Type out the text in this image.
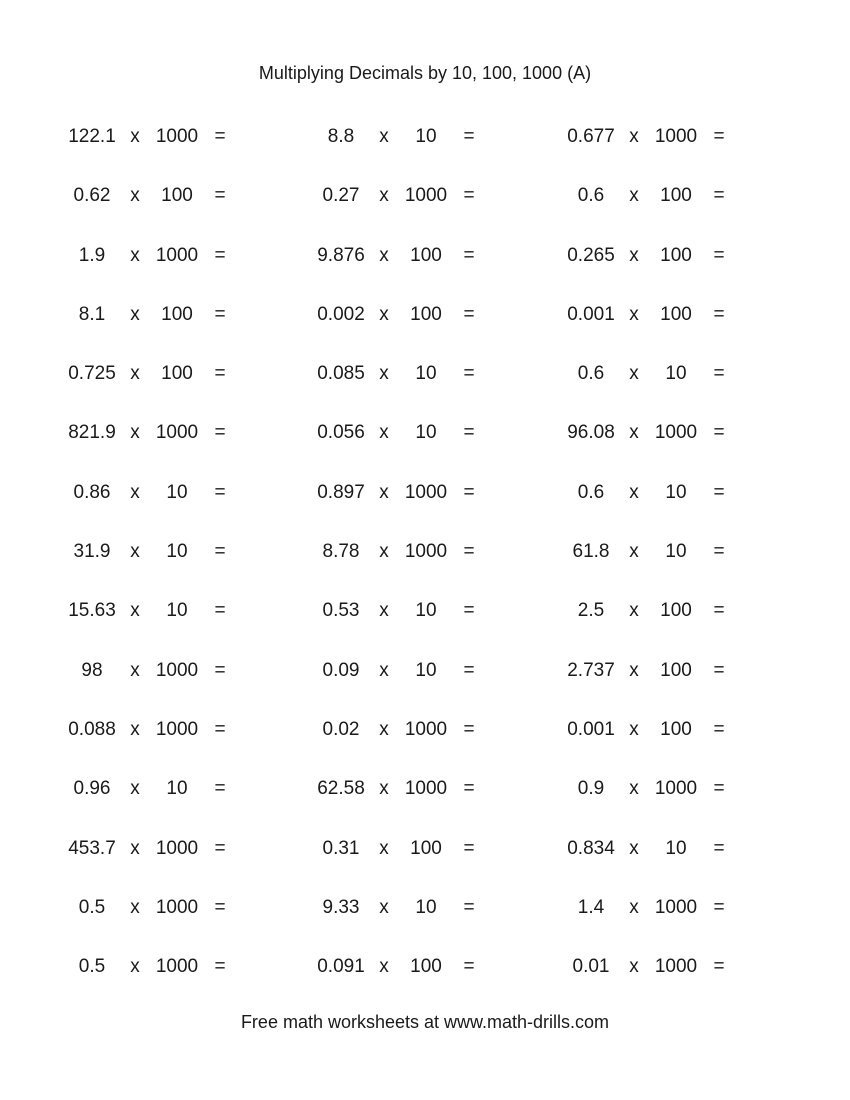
Multiplying Decimals by 10, 100, 1000 (A)
122.1 x 1000 =	8.8	x	10	=	0.677 x 1000 =
0.62	x	100	=	0.27	x 1000 =	0.6	x	100	=
1.9	x 1000 =	9.876 x	100	=	0.265 x	100	=
8.1	x	100	=	0.002 x	100	=	0.001 x	100	=
0.725 x	100	=	0.085 x	10	=	0.6	x	10	=
821.9 x 1000 =	0.056 x	10	=	96.08 x 1000 =
0.86	x	10	=	0.897 x 1000 =	0.6	x	10	=
31.9	x	10	=	8.78	x 1000 =	61.8	x	10	=
15.63 x	10	=	0.53	x	10	=	2.5	x	100	=
98	x 1000 =	0.09	x	10	=	2.737 x	100	=
0.088 x 1000 =	0.02	x 1000 =	0.001 x	100	=
0.96	x	10	=	62.58 x 1000 =	0.9	x 1000 =
453.7 x 1000 =	0.31	x	100	=	0.834 x	10	=
0.5	x 1000 =	9.33	x	10	=	1.4	x 1000 =
0.5	x 1000 =	0.091 x	100	=	0.01	x 1000 =
Free math worksheets at www.math-drills.com
